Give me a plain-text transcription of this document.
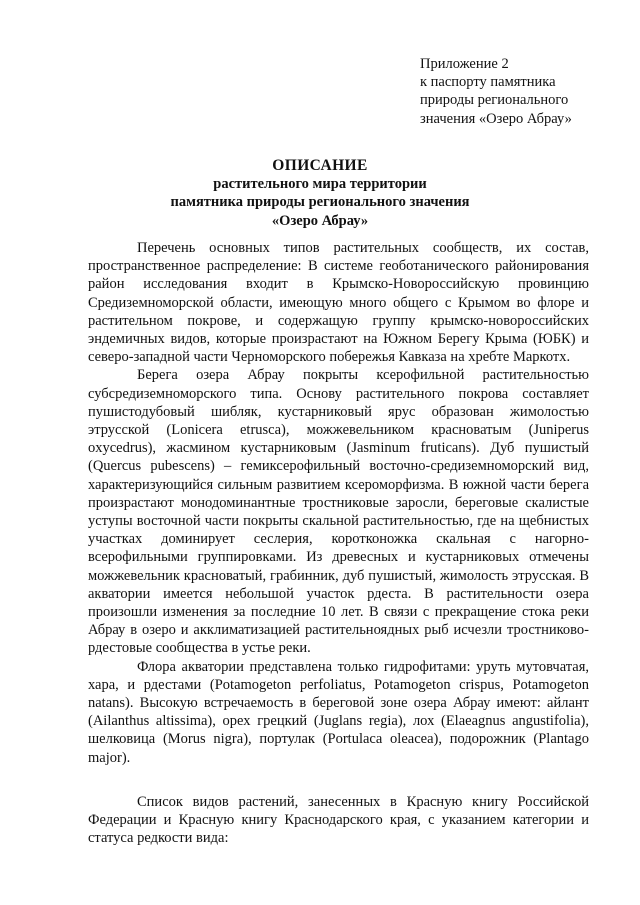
Приложение 2
к паспорту памятника
природы регионального
значения «Озеро Абрау»
ОПИСАНИЕ
растительного мира территории
памятника природы регионального значения
«Озеро Абрау»

Перечень основных типов растительных сообществ, их состав, пространственное распределение: В системе геоботанического районирования район исследования входит в Крымско-Новороссийскую провинцию Средиземноморской области, имеющую много общего с Крымом во флоре и растительном покрове, и содержащую группу крымско-новороссийских эндемичных видов, которые произрастают на Южном Берегу Крыма (ЮБК) и северо-западной части Черноморского побережья Кавказа на хребте Маркотх.

Берега озера Абрау покрыты ксерофильной растительностью субсредиземноморского типа. Основу растительного покрова составляет пушистодубовый шибляк, кустарниковый ярус образован жимолостью этрусской (Lonicera etrusca), можжевельником красноватым (Juniperus oxycedrus), жасмином кустарниковым (Jasminum fruticans). Дуб пушистый (Quercus pubescens) – гемиксерофильный восточно-средиземноморский вид, характеризующийся сильным развитием ксероморфизма. В южной части берега произрастают монодоминантные тростниковые заросли, береговые скалистые уступы восточной части покрыты скальной растительностью, где на щебнистых участках доминирует сеслерия, коротконожка скальная с нагорно-всерофильными группировками. Из древесных и кустарниковых отмечены можжевельник красноватый, грабинник, дуб пушистый, жимолость этрусская. В акватории имеется небольшой участок рдеста. В растительности озера произошли изменения за последние 10 лет. В связи с прекращение стока реки Абрау в озеро и акклиматизацией растительноядных рыб исчезли тростниково-рдестовые сообщества в устье реки.

Флора акватории представлена только гидрофитами: уруть мутовчатая, хара, и рдестами (Potamogeton perfoliatus, Potamogeton crispus, Potamogeton natans). Высокую встречаемость в береговой зоне озера Абрау имеют: айлант (Ailanthus altissima), орех грецкий (Juglans regia), лох (Elaeagnus angustifolia), шелковица (Morus nigra), портулак (Portulaca oleacea), подорожник (Plantago major).

Список видов растений, занесенных в Красную книгу Российской Федерации и Красную книгу Краснодарского края, с указанием категории и статуса редкости вида:
